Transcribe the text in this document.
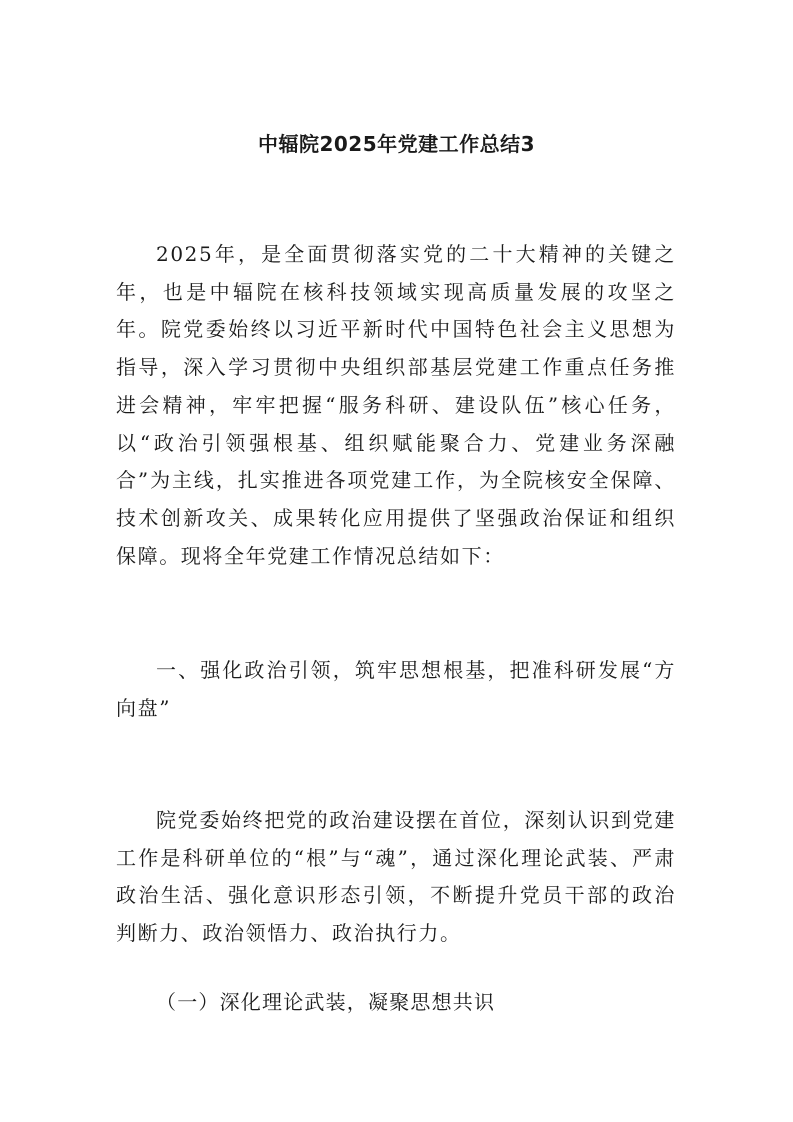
中辐院2025年党建工作总结3

2025年，是全面贯彻落实党的二十大精神的关键之年，也是中辐院在核科技领域实现高质量发展的攻坚之年。院党委始终以习近平新时代中国特色社会主义思想为指导，深入学习贯彻中央组织部基层党建工作重点任务推进会精神，牢牢把握“服务科研、建设队伍”核心任务，以“政治引领强根基、组织赋能聚合力、党建业务深融合”为主线，扎实推进各项党建工作，为全院核安全保障、技术创新攻关、成果转化应用提供了坚强政治保证和组织保障。现将全年党建工作情况总结如下：

一、强化政治引领，筑牢思想根基，把准科研发展“方向盘”

院党委始终把党的政治建设摆在首位，深刻认识到党建工作是科研单位的“根”与“魂”，通过深化理论武装、严肃政治生活、强化意识形态引领，不断提升党员干部的政治判断力、政治领悟力、政治执行力。

（一）深化理论武装，凝聚思想共识
